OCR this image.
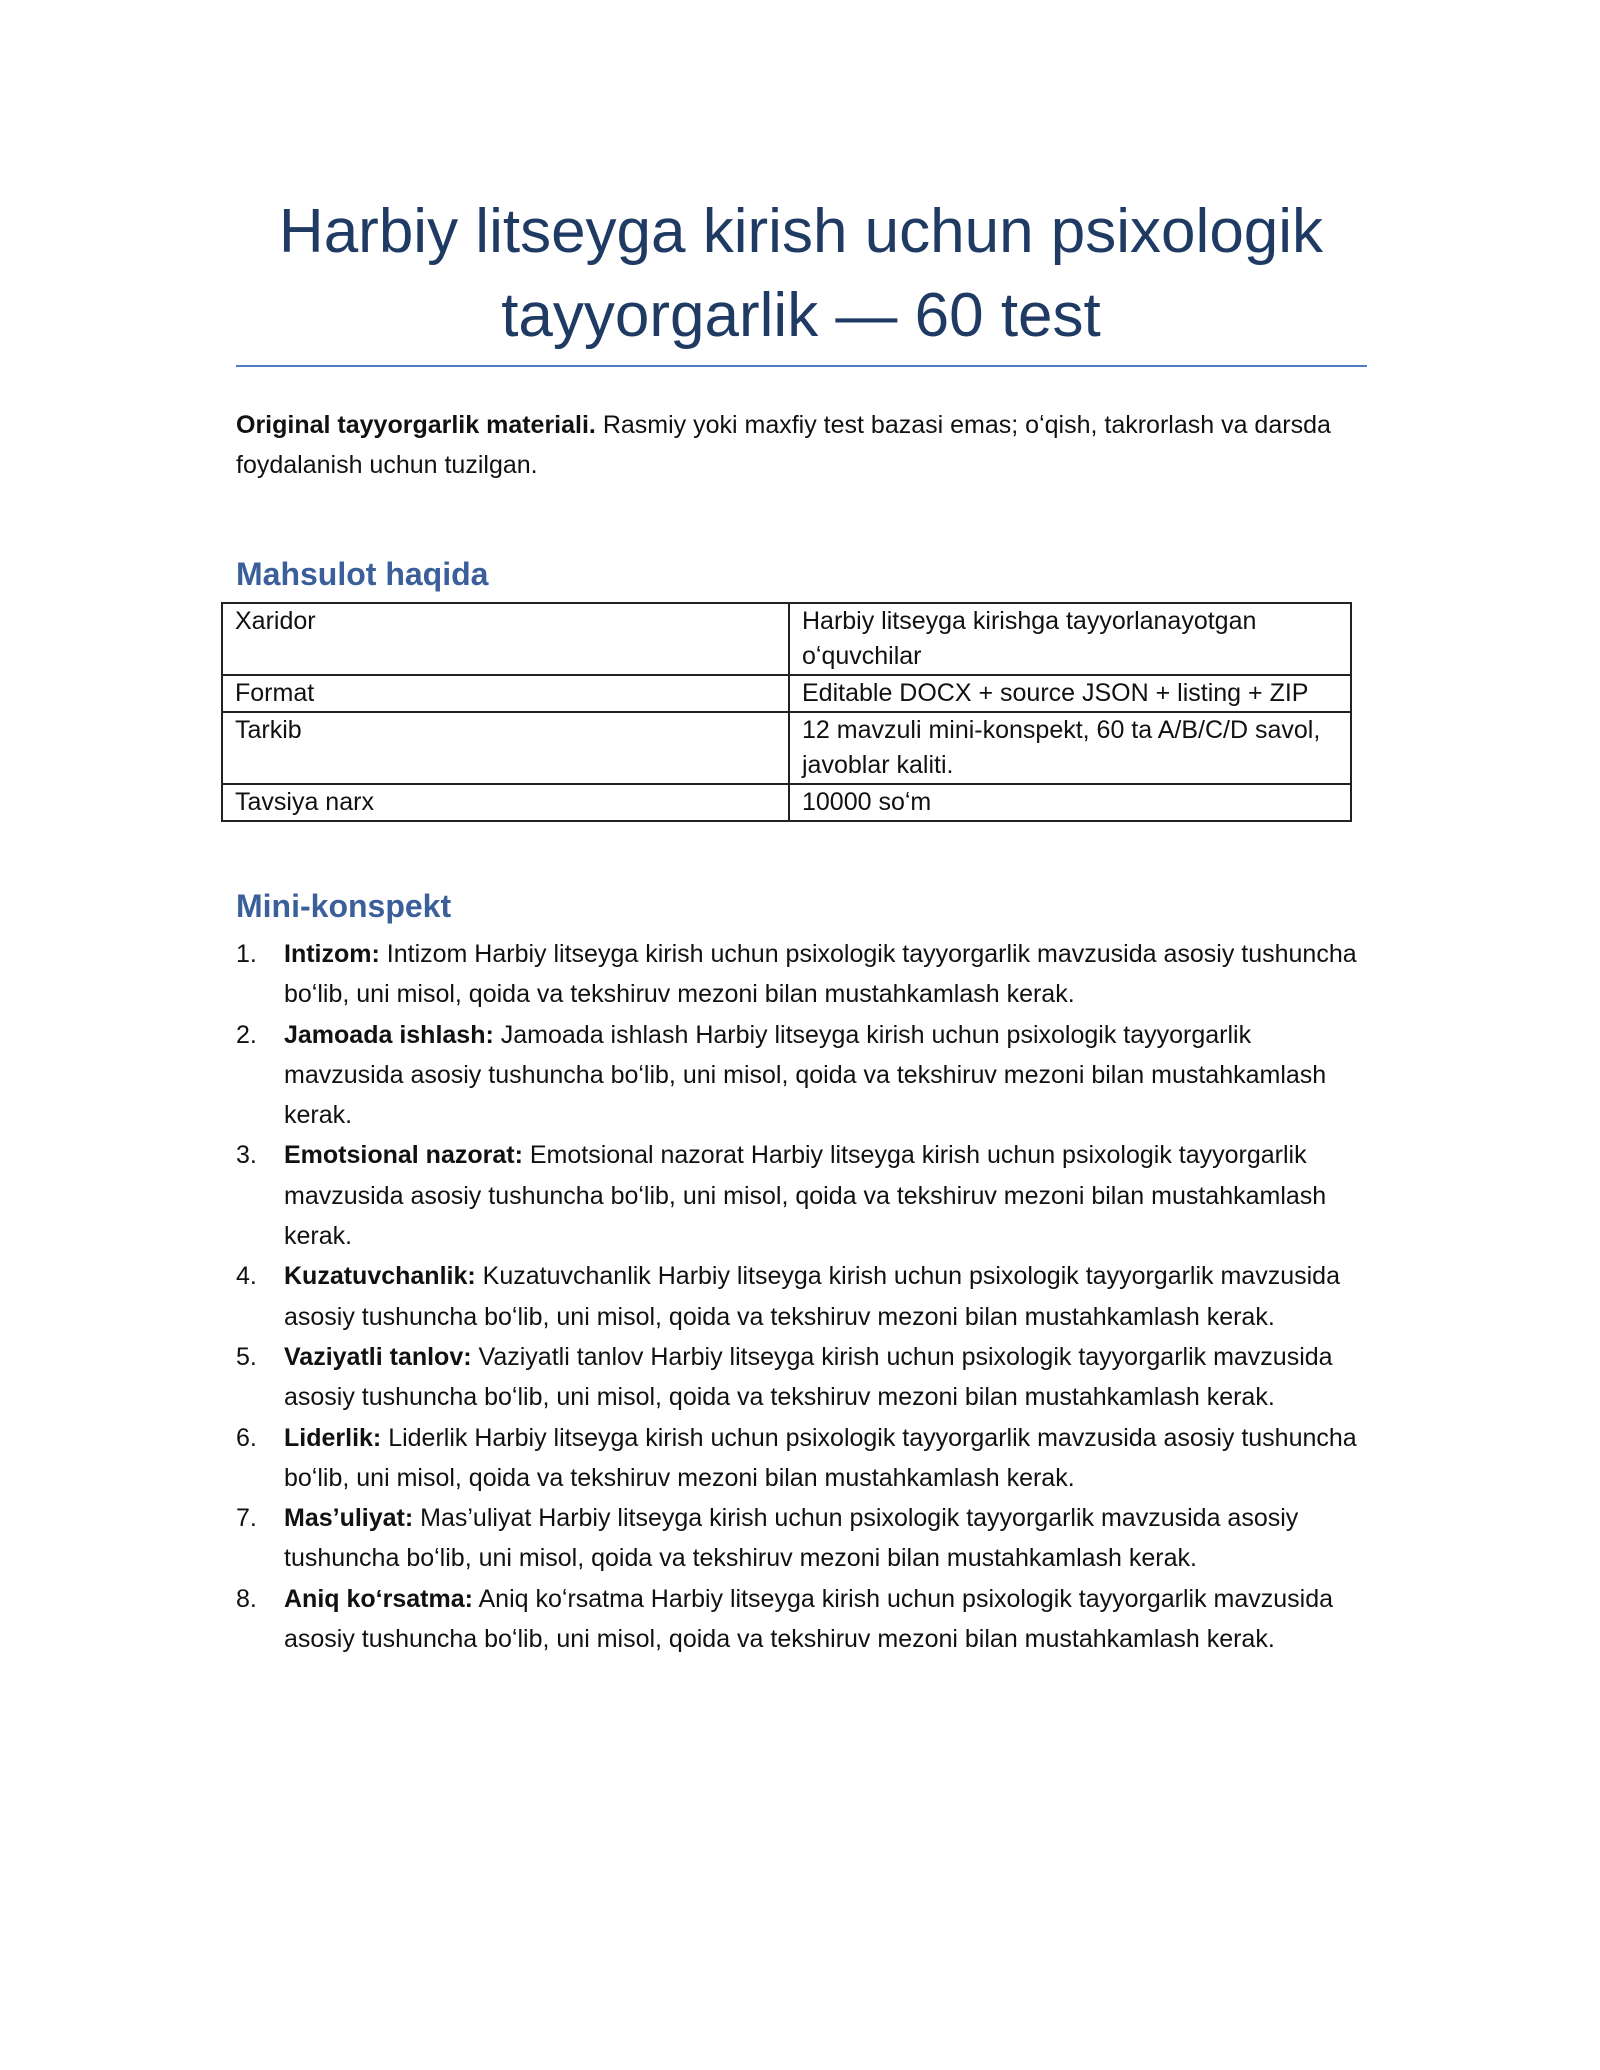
Harbiy litseyga kirish uchun psixologik tayyorgarlik — 60 test

Original tayyorgarlik materiali. Rasmiy yoki maxfiy test bazasi emas; oʻqish, takrorlash va darsda foydalanish uchun tuzilgan.

Mahsulot haqida
Xaridor	Harbiy litseyga kirishga tayyorlanayotgan oʻquvchilar
Format	Editable DOCX + source JSON + listing + ZIP
Tarkib	12 mavzuli mini-konspekt, 60 ta A/B/C/D savol, javoblar kaliti.
Tavsiya narx	10000 soʻm
Mini-konspekt
1. Intizom: Intizom Harbiy litseyga kirish uchun psixologik tayyorgarlik mavzusida asosiy tushuncha boʻlib, uni misol, qoida va tekshiruv mezoni bilan mustahkamlash kerak.
2. Jamoada ishlash: Jamoada ishlash Harbiy litseyga kirish uchun psixologik tayyorgarlik mavzusida asosiy tushuncha boʻlib, uni misol, qoida va tekshiruv mezoni bilan mustahkamlash kerak.
3. Emotsional nazorat: Emotsional nazorat Harbiy litseyga kirish uchun psixologik tayyorgarlik mavzusida asosiy tushuncha boʻlib, uni misol, qoida va tekshiruv mezoni bilan mustahkamlash kerak.
4. Kuzatuvchanlik: Kuzatuvchanlik Harbiy litseyga kirish uchun psixologik tayyorgarlik mavzusida asosiy tushuncha boʻlib, uni misol, qoida va tekshiruv mezoni bilan mustahkamlash kerak.
5. Vaziyatli tanlov: Vaziyatli tanlov Harbiy litseyga kirish uchun psixologik tayyorgarlik mavzusida asosiy tushuncha boʻlib, uni misol, qoida va tekshiruv mezoni bilan mustahkamlash kerak.
6. Liderlik: Liderlik Harbiy litseyga kirish uchun psixologik tayyorgarlik mavzusida asosiy tushuncha boʻlib, uni misol, qoida va tekshiruv mezoni bilan mustahkamlash kerak.
7. Mas’uliyat: Mas’uliyat Harbiy litseyga kirish uchun psixologik tayyorgarlik mavzusida asosiy tushuncha boʻlib, uni misol, qoida va tekshiruv mezoni bilan mustahkamlash kerak.
8. Aniq koʻrsatma: Aniq koʻrsatma Harbiy litseyga kirish uchun psixologik tayyorgarlik mavzusida asosiy tushuncha boʻlib, uni misol, qoida va tekshiruv mezoni bilan mustahkamlash kerak.
